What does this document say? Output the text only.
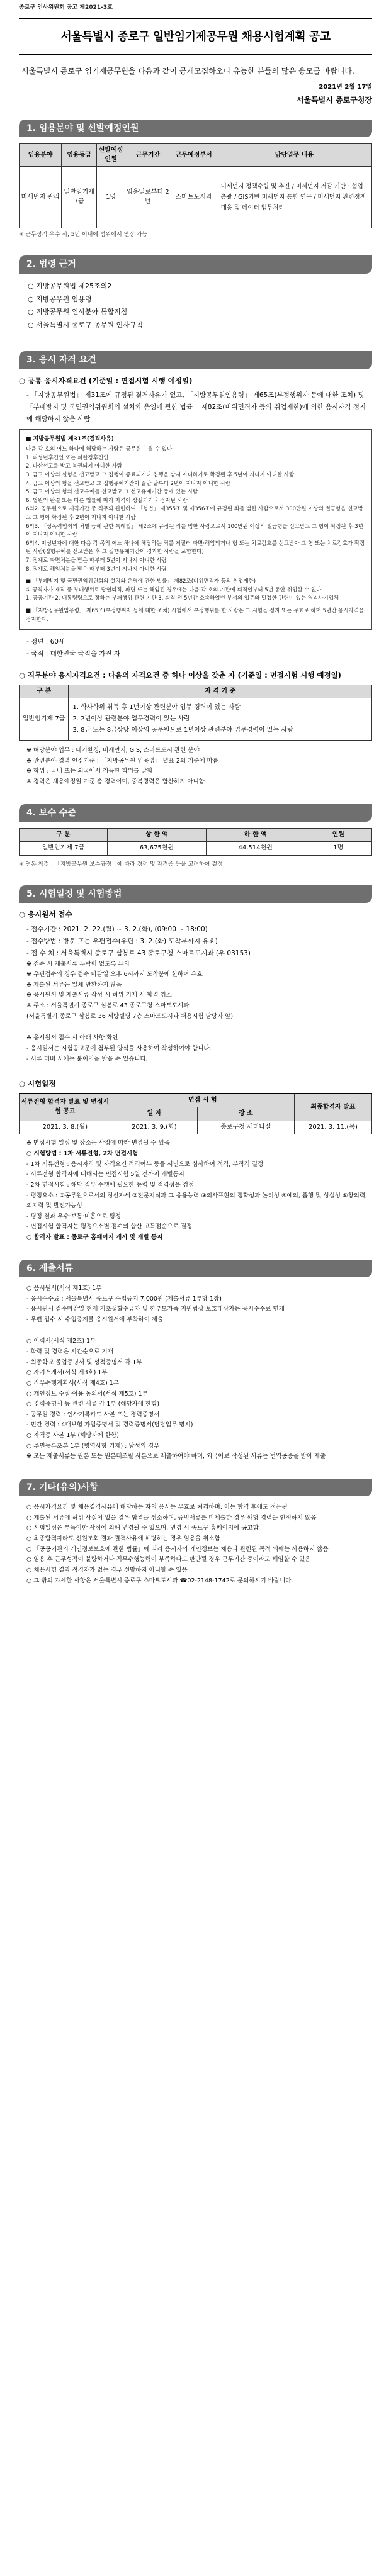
종로구 인사위원회 공고 제2021-3호
서울특별시 종로구 일반임기제공무원 채용시험계획 공고
서울특별시 종로구 임기제공무원을 다음과 같이 공개모집하오니 유능한 분들의 많은 응모를 바랍니다.
2021년 2월 17일
서울특별시 종로구청장
1. 임용분야 및 선발예정인원
임용분야	임용등급	선발예정인원	근무기간	근무예정부서	담당업무 내용
미세먼지 관리	일반임기제 7급	1명	임용일로부터 2년	스마트도시과	미세먼지 정책수립 및 추진 / 미세먼지 저감 기반 · 협업 총괄 / GIS기반 미세먼지 통합 연구 / 미세먼지 관련정책 대응 및 데이터 업무처리
※ 근무성적 우수 시, 5년 이내에 범위에서 연장 가능
2. 법령 근거
○ 지방공무원법 제25조의2
○ 지방공무원 임용령
○ 지방공무원 인사분야 통합지침
○ 서울특별시 종로구 공무원 인사규칙
3. 응시 자격 요건
○ 공통 응시자격요건 (기준일 : 면접시험 시행 예정일)

- 「지방공무원법」 제31조에 규정된 결격사유가 없고, 「지방공무원임용령」 제65조(부정행위자 등에 대한 조치) 및 「부패방지 및 국민권익위원회의 설치와 운영에 관한 법률」 제82조(비위면직자 등의 취업제한)에 의한 응시자격 정지에 해당하지 않은 사람

■ 지방공무원법 제31조(결격사유)

다음 각 호의 어느 하나에 해당하는 사람은 공무원이 될 수 없다.

1. 피성년후견인 또는 피한정후견인

2. 파산선고를 받고 복권되지 아니한 사람

3. 금고 이상의 실형을 선고받고 그 집행이 종료되거나 집행을 받지 아니하기로 확정된 후 5년이 지나지 아니한 사람

4. 금고 이상의 형을 선고받고 그 집행유예기간이 끝난 날부터 2년이 지나지 아니한 사람

5. 금고 이상의 형의 선고유예를 선고받고 그 선고유예기간 중에 있는 사람

6. 법원의 판결 또는 다른 법률에 따라 자격이 상실되거나 정지된 사람

6의2. 공무원으로 재직기간 중 직무와 관련하여 「형법」 제355조 및 제356조에 규정된 죄를 범한 사람으로서 300만원 이상의 벌금형을 선고받고 그 형이 확정된 후 2년이 지나지 아니한 사람

6의3. 「성폭력범죄의 처벌 등에 관한 특례법」 제2조에 규정된 죄를 범한 사람으로서 100만원 이상의 벌금형을 선고받고 그 형이 확정된 후 3년이 지나지 아니한 사람

6의4. 미성년자에 대한 다음 각 목의 어느 하나에 해당하는 죄를 저질러 파면·해임되거나 형 또는 치료감호를 선고받아 그 형 또는 치료감호가 확정된 사람(집행유예를 선고받은 후 그 집행유예기간이 경과한 사람을 포함한다)

7. 징계로 파면처분을 받은 때부터 5년이 지나지 아니한 사람

8. 징계로 해임처분을 받은 때부터 3년이 지나지 아니한 사람

■ 「부패방지 및 국민권익위원회의 설치와 운영에 관한 법률」 제82조(비위면직자 등의 취업제한)

① 공직자가 재직 중 부패행위로 당연퇴직, 파면 또는 해임된 경우에는 다음 각 호의 기관에 퇴직일부터 5년 동안 취업할 수 없다.

1. 공공기관 2. 대통령령으로 정하는 부패행위 관련 기관 3. 퇴직 전 5년간 소속하였던 부서의 업무와 밀접한 관련이 있는 영리사기업체

■ 「지방공무원임용령」 제65조(부정행위자 등에 대한 조치) 시험에서 부정행위를 한 사람은 그 시험을 정지 또는 무효로 하며 5년간 응시자격을 정지한다.

- 정년 : 60세

- 국적 : 대한민국 국적을 가진 자

○ 직무분야 응시자격요건 : 다음의 자격요건 중 하나 이상을 갖춘 자 (기준일 : 면접시험 시행 예정일)
구 분	자 격 기 준
일반임기제 7급	1. 학사학위 취득 후 1년이상 관련분야 업무 경력이 있는 사람
2. 2년이상 관련분야 업무경력이 있는 사람
3. 8급 또는 8급상당 이상의 공무원으로 1년이상 관련분야 업무경력이 있는 사람

※ 해당분야 업무 : 대기환경, 미세먼지, GIS, 스마트도시 관련 분야

※ 관련분야 경력 인정기준 : 「지방공무원 임용령」 별표 2의 기준에 따름

※ 학위 : 국내 또는 외국에서 취득한 학위를 말함

※ 경력은 채용예정일 기준 총 경력이며, 중복경력은 합산하지 아니함

4. 보수 수준
구 분	상 한 액	하 한 액	인원
일반임기제 7급	63,675천원	44,514천원	1명
※ 연봉 책정 : 「지방공무원 보수규정」에 따라 경력 및 자격증 등을 고려하여 결정
5. 시험일정 및 시험방법
○ 응시원서 접수

- 접수기간 : 2021. 2. 22.(월) ~ 3. 2.(화), (09:00 ~ 18:00)

- 접수방법 : 방문 또는 우편접수(우편 : 3. 2.(화) 도착분까지 유효)

- 접 수 처 : 서울특별시 종로구 삼봉로 43 종로구청 스마트도시과 (우 03153)

※ 접수 시 제출서류 누락이 없도록 유의

※ 우편접수의 경우 접수 마감일 오후 6시까지 도착분에 한하여 유효

※ 제출된 서류는 일체 반환하지 않음

※ 응시원서 및 제출서류 작성 시 허위 기재 시 합격 취소

※ 주소 : 서울특별시 종로구 삼봉로 43 종로구청 스마트도시과

(서울특별시 종로구 삼봉로 36 세방빌딩 7층 스마트도시과 채용시험 담당자 앞)

※ 응시원서 접수 시 아래 사항 확인

- 응시원서는 시험공고문에 첨부된 양식을 사용하여 작성하여야 합니다.

- 서류 미비 시에는 불이익을 받을 수 있습니다.

○ 시험일정
서류전형 합격자 발표 및 면접시험 공고	면접 시 험		최종합격자 발표
	일 자	장 소	
2021. 3. 8.(월)	2021. 3. 9.(화)	종로구청 세미나실	2021. 3. 11.(목)

※ 면접시험 일정 및 장소는 사정에 따라 변경될 수 있음

○ 시험방법 : 1차 서류전형, 2차 면접시험

- 1차 서류전형 : 응시자격 및 자격요건 적격여부 등을 서면으로 심사하여 적격, 부적격 결정

- 서류전형 합격자에 대해서는 면접시험 5일 전까지 개별통지

- 2차 면접시험 : 해당 직무 수행에 필요한 능력 및 적격성을 검정

- 평정요소 : ①공무원으로서의 정신자세 ②전문지식과 그 응용능력 ③의사표현의 정확성과 논리성 ④예의, 품행 및 성실성 ⑤창의력, 의지력 및 발전가능성

- 평정 결과 우수·보통·미흡으로 평정

- 면접시험 합격자는 평정요소별 점수의 합산 고득점순으로 결정

○ 합격자 발표 : 종로구 홈페이지 게시 및 개별 통지

6. 제출서류

○ 응시원서(서식 제1호) 1부

- 응시수수료 : 서울특별시 종로구 수입증지 7,000원 (제출서류 1부당 1장)

- 응시원서 접수마감일 현재 기초생활수급자 및 한부모가족 지원법상 보호대상자는 응시수수료 면제

- 우편 접수 시 수입증지를 응시원서에 부착하여 제출

○ 이력서(서식 제2호) 1부

- 학력 및 경력은 시간순으로 기재

- 최종학교 졸업증명서 및 성적증명서 각 1부

○ 자기소개서(서식 제3호) 1부

○ 직무수행계획서(서식 제4호) 1부

○ 개인정보 수집·이용 동의서(서식 제5호) 1부

○ 경력증명서 등 관련 서류 각 1부 (해당자에 한함)

- 공무원 경력 : 인사기록카드 사본 또는 경력증명서

- 민간 경력 : 4대보험 가입증명서 및 경력증명서(담당업무 명시)

○ 자격증 사본 1부 (해당자에 한함)

○ 주민등록초본 1부 (병역사항 기재) : 남성의 경우

※ 모든 제출서류는 원본 또는 원본대조필 사본으로 제출하여야 하며, 외국어로 작성된 서류는 번역공증을 받아 제출

7. 기타(유의)사항

○ 응시자격요건 및 채용결격사유에 해당하는 자의 응시는 무효로 처리하며, 이는 합격 후에도 적용됨

○ 제출된 서류에 허위 사실이 있을 경우 합격을 취소하며, 증빙서류를 미제출한 경우 해당 경력을 인정하지 않음

○ 시험일정은 부득이한 사정에 의해 변경될 수 있으며, 변경 시 종로구 홈페이지에 공고함

○ 최종합격자라도 신원조회 결과 결격사유에 해당하는 경우 임용을 취소함

○ 「공공기관의 개인정보보호에 관한 법률」에 따라 응시자의 개인정보는 채용과 관련된 목적 외에는 사용하지 않음

○ 임용 후 근무성적이 불량하거나 직무수행능력이 부족하다고 판단될 경우 근무기간 중이라도 해임할 수 있음

○ 채용시험 결과 적격자가 없는 경우 선발하지 아니할 수 있음

○ 그 밖의 자세한 사항은 서울특별시 종로구 스마트도시과 ☎02-2148-1742로 문의하시기 바랍니다.
